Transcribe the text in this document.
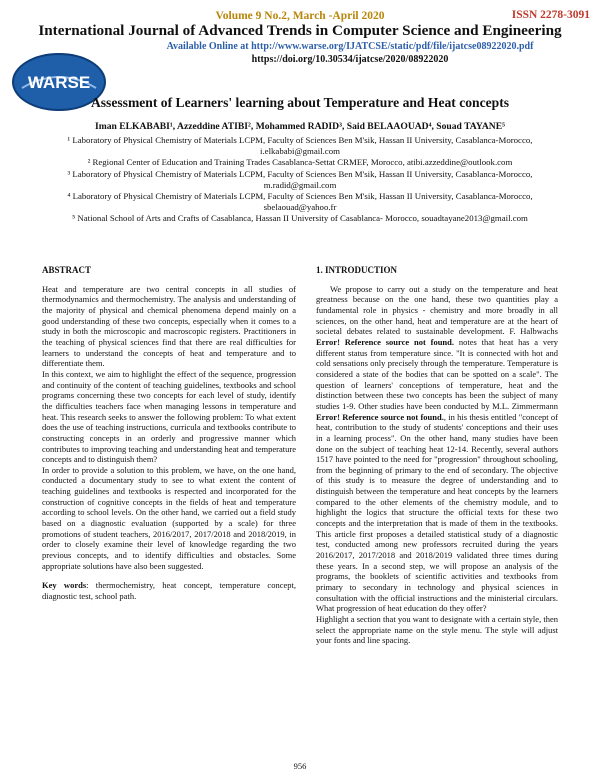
ISSN 2278-3091
Volume 9 No.2, March -April 2020
International Journal of Advanced Trends in Computer Science and Engineering
WARSE
Available Online at http://www.warse.org/IJATCSE/static/pdf/file/ijatcse08922020.pdf
https://doi.org/10.30534/ijatcse/2020/08922020
Assessment of Learners' learning about Temperature and Heat concepts
Iman ELKABABI¹, Azzeddine ATIBI², Mohammed RADID³, Said BELAAOUAD⁴, Souad TAYANE⁵

¹ Laboratory of Physical Chemistry of Materials LCPM, Faculty of Sciences Ben M'sik, Hassan II University, Casablanca-Morocco, i.elkababi@gmail.com

² Regional Center of Education and Training Trades Casablanca-Settat CRMEF, Morocco, atibi.azzeddine@outlook.com

³ Laboratory of Physical Chemistry of Materials LCPM, Faculty of Sciences Ben M'sik, Hassan II University, Casablanca-Morocco, m.radid@gmail.com

⁴ Laboratory of Physical Chemistry of Materials LCPM, Faculty of Sciences Ben M'sik, Hassan II University, Casablanca-Morocco, sbelaouad@yahoo.fr

⁵ National School of Arts and Crafts of Casablanca, Hassan II University of Casablanca- Morocco, souadtayane2013@gmail.com

ABSTRACT

Heat and temperature are two central concepts in all studies of thermodynamics and thermochemistry. The analysis and understanding of the majority of physical and chemical phenomena depend mainly on a good understanding of these two concepts, especially when it comes to a study in both the microscopic and macroscopic registers. Practitioners in the teaching of physical sciences find that there are real difficulties for learners to understand the concepts of heat and temperature and to differentiate them.

In this context, we aim to highlight the effect of the sequence, progression and continuity of the content of teaching guidelines, textbooks and school programs concerning these two concepts for each level of study, identify the difficulties teachers face when managing lessons in temperature and heat. This research seeks to answer the following problem: To what extent does the use of teaching instructions, curricula and textbooks contribute to constructing concepts in an orderly and progressive manner which contributes to improving teaching and understanding heat and temperature concepts and to distinguish them?

In order to provide a solution to this problem, we have, on the one hand, conducted a documentary study to see to what extent the content of teaching guidelines and textbooks is respected and incorporated for the construction of cognitive concepts in the fields of heat and temperature according to school levels. On the other hand, we carried out a field study based on a diagnostic evaluation (supported by a scale) for three promotions of student teachers, 2016/2017, 2017/2018 and 2018/2019, in order to closely examine their level of knowledge regarding the two previous concepts, and to identify difficulties and obstacles. Some appropriate solutions have also been suggested.

Key words: thermochemistry, heat concept, temperature concept, diagnostic test, school path.

1. INTRODUCTION

We propose to carry out a study on the temperature and heat greatness because on the one hand, these two quantities play a fundamental role in physics - chemistry and more broadly in all sciences, on the other hand, heat and temperature are at the heart of societal debates related to sustainable development. F. Halbwachs Error! Reference source not found. notes that heat has a very different status from temperature since. "It is connected with hot and cold sensations only precisely through the temperature. Temperature is considered a state of the bodies that can be spotted on a scale". The question of learners' conceptions of temperature, heat and the distinction between these two concepts has been the subject of many studies 1-9. Other studies have been conducted by M.L. Zimmermann Error! Reference source not found., in his thesis entitled "concept of heat, contribution to the study of students' conceptions and their uses in a learning process". On the other hand, many studies have been done on the subject of teaching heat 12-14. Recently, several authors 1517 have pointed to the need for "progression" throughout schooling, from the beginning of primary to the end of secondary. The objective of this study is to measure the degree of understanding and to distinguish between the temperature and heat concepts by the learners compared to the other elements of the chemistry module, and to highlight the logics that structure the official texts for these two concepts and the interpretation that is made of them in the textbooks. This article first proposes a detailed statistical study of a diagnostic test, conducted among new professors recruited during the years 2016/2017, 2017/2018 and 2018/2019 validated three times during these years. In a second step, we will propose an analysis of the programs, the booklets of scientific activities and textbooks from primary to secondary in technology and physical sciences in consultation with the official instructions and the ministerial circulars. What progression of heat education do they offer?

Highlight a section that you want to designate with a certain style, then select the appropriate name on the style menu. The style will adjust your fonts and line spacing.

956
